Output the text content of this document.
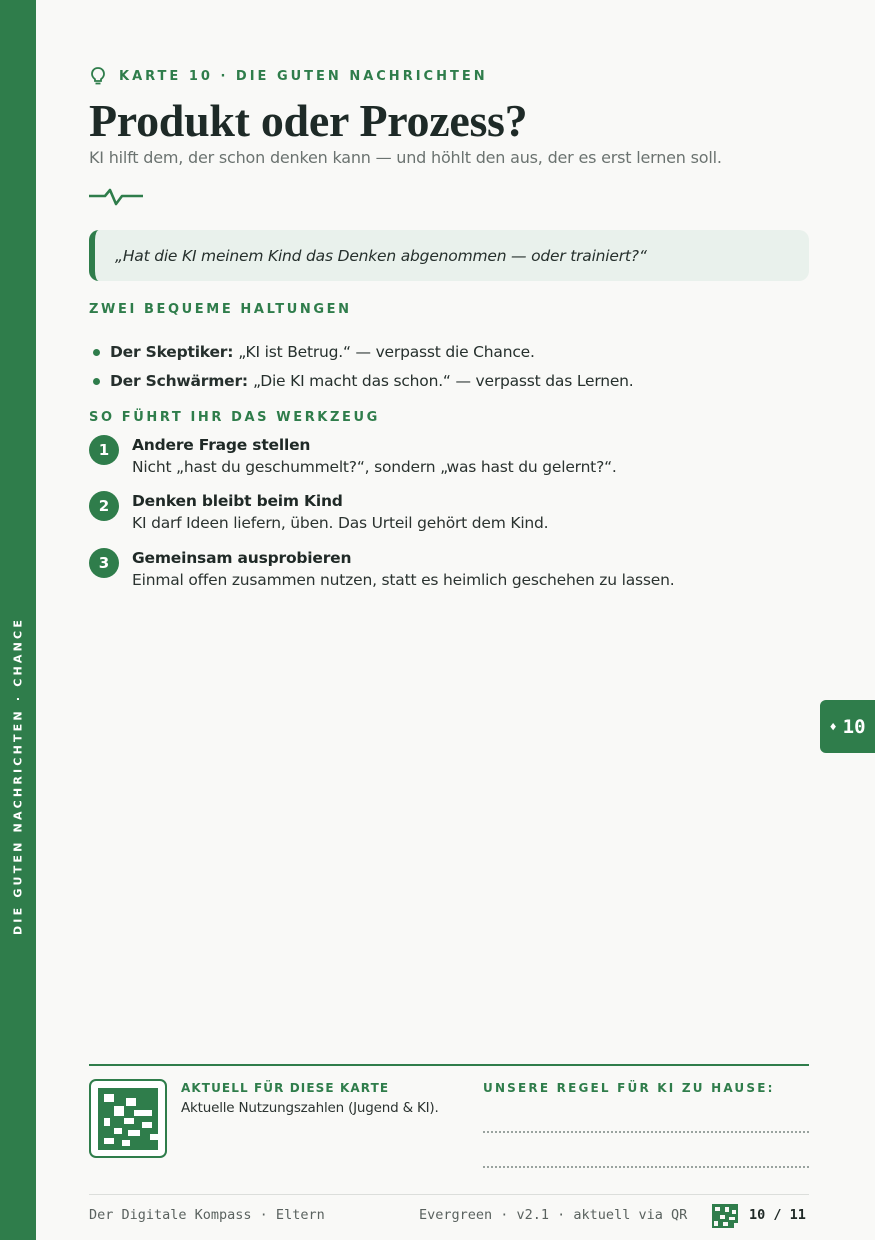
DIE GUTEN NACHRICHTEN · CHANCE
KARTE 10 · DIE GUTEN NACHRICHTEN
Produkt oder Prozess?
KI hilft dem, der schon denken kann — und höhlt den aus, der es erst lernen soll.
„Hat die KI meinem Kind das Denken abgenommen — oder trainiert?“
ZWEI BEQUEME HALTUNGEN
Der Skeptiker: „KI ist Betrug.“ — verpasst die Chance.
Der Schwärmer: „Die KI macht das schon.“ — verpasst das Lernen.
SO FÜHRT IHR DAS WERKZEUG
1	Andere Frage stellen
Nicht „hast du geschummelt?“, sondern „was hast du gelernt?“.
2	Denken bleibt beim Kind
KI darf Ideen liefern, üben. Das Urteil gehört dem Kind.
3	Gemeinsam ausprobieren
Einmal offen zusammen nutzen, statt es heimlich geschehen zu lassen.
♦ 10
AKTUELL FÜR DIESE KARTE
Aktuelle Nutzungszahlen (Jugend & KI).
UNSERE REGEL FÜR KI ZU HAUSE:
Der Digitale Kompass · Eltern	Evergreen · v2.1 · aktuell via QR	10 / 11
